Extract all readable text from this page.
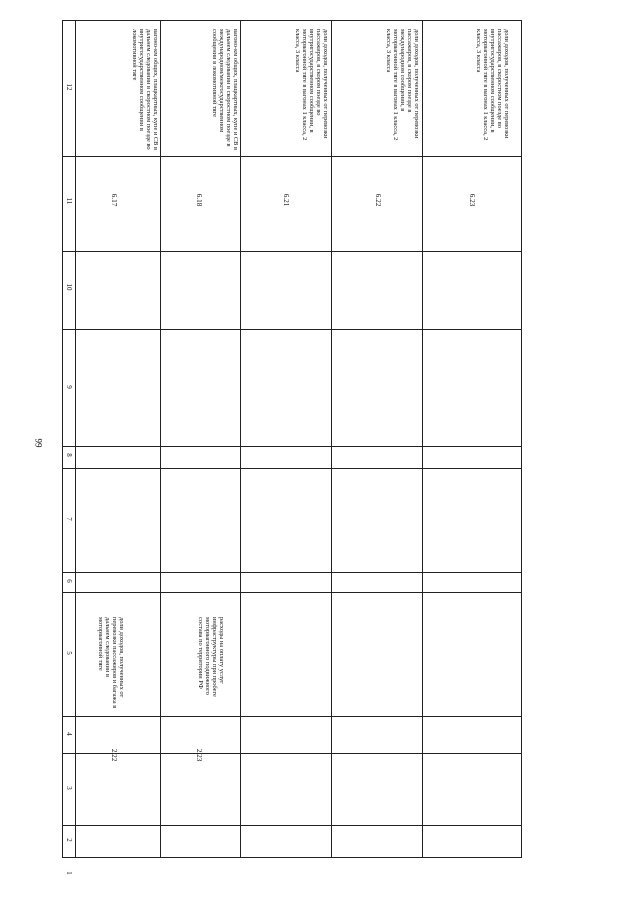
99
12
11
10
9
8
7
6
5
4
3
2
1
вагоно-км общих, плацкартных, купе и СВ в дальнем следовании в скоростном поезде во внутригосударственном сообщении в локомотивной тяге
6.17
доли доходов, полученных от перевозки пассажиров и багажа в дальнем следовании в моторвагонной тяге
2.22
вагоно-км общих, плацкартных, купе и СВ в дальнем следовании в скоростном поезде в международном/межгосударственном сообщении в локомотивной тяге
6.18
расходы на оплату услуг инфраструктуры при пробеге моторвагонного подвижного состава по территории РФ
2.23
доли доходов, полученных от перевозки пассажиров, в скором поезде во внутригосударственном сообщении, в моторвагонной тяге в вагонах 1 класса, 2 класса, 3 класса
6.21
доли доходов, полученных от перевозки пассажиров, в скором поезде в международном сообщении, в моторвагонной тяге в вагонах 1 класса, 2 класса, 3 класса
6.22
доли доходов, полученных от перевозки пассажиров, в скоростном поезде во внутригосударственном сообщении, в моторвагонной тяге в вагонах 1 класса, 2 класса, 3 класса
6.23
